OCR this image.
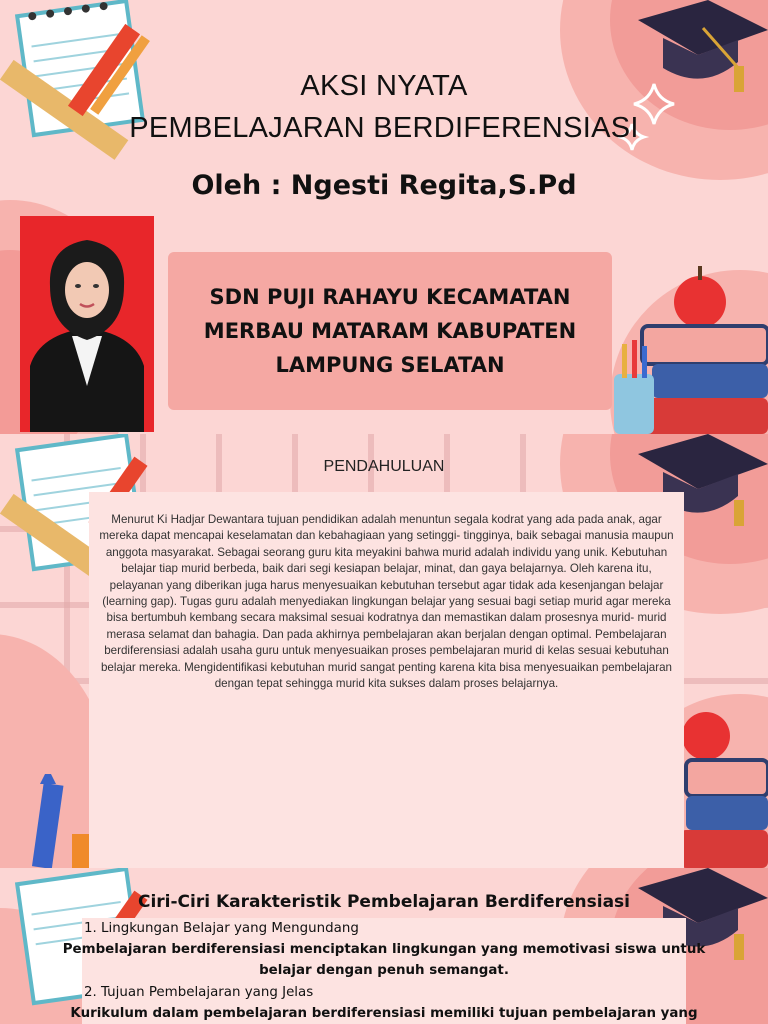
AKSI NYATA
PEMBELAJARAN BERDIFERENSIASI
Oleh : Ngesti Regita,S.Pd
SDN PUJI RAHAYU KECAMATAN
MERBAU MATARAM KABUPATEN
LAMPUNG SELATAN
PENDAHULUAN

Menurut Ki Hadjar Dewantara tujuan pendidikan adalah menuntun segala kodrat yang ada pada anak, agar mereka dapat mencapai keselamatan dan kebahagiaan yang setinggi- tingginya, baik sebagai manusia maupun anggota masyarakat. Sebagai seorang guru kita meyakini bahwa murid adalah individu yang unik. Kebutuhan belajar tiap murid berbeda, baik dari segi kesiapan belajar, minat, dan gaya belajarnya. Oleh karena itu, pelayanan yang diberikan juga harus menyesuaikan kebutuhan tersebut agar tidak ada kesenjangan belajar (learning gap). Tugas guru adalah menyediakan lingkungan belajar yang sesuai bagi setiap murid agar mereka bisa bertumbuh kembang secara maksimal sesuai kodratnya dan memastikan dalam prosesnya murid- murid merasa selamat dan bahagia. Dan pada akhirnya pembelajaran akan berjalan dengan optimal. Pembelajaran berdiferensiasi adalah usaha guru untuk menyesuaikan proses pembelajaran murid di kelas sesuai kebutuhan belajar mereka. Mengidentifikasi kebutuhan murid sangat penting karena kita bisa menyesuaikan pembelajaran dengan tepat sehingga murid kita sukses dalam proses belajarnya.

Ciri-Ciri Karakteristik Pembelajaran Berdiferensiasi
1. Lingkungan Belajar yang Mengundang
Pembelajaran berdiferensiasi menciptakan lingkungan yang memotivasi siswa untuk
belajar dengan penuh semangat.
2. Tujuan Pembelajaran yang Jelas
Kurikulum dalam pembelajaran berdiferensiasi memiliki tujuan pembelajaran yang
